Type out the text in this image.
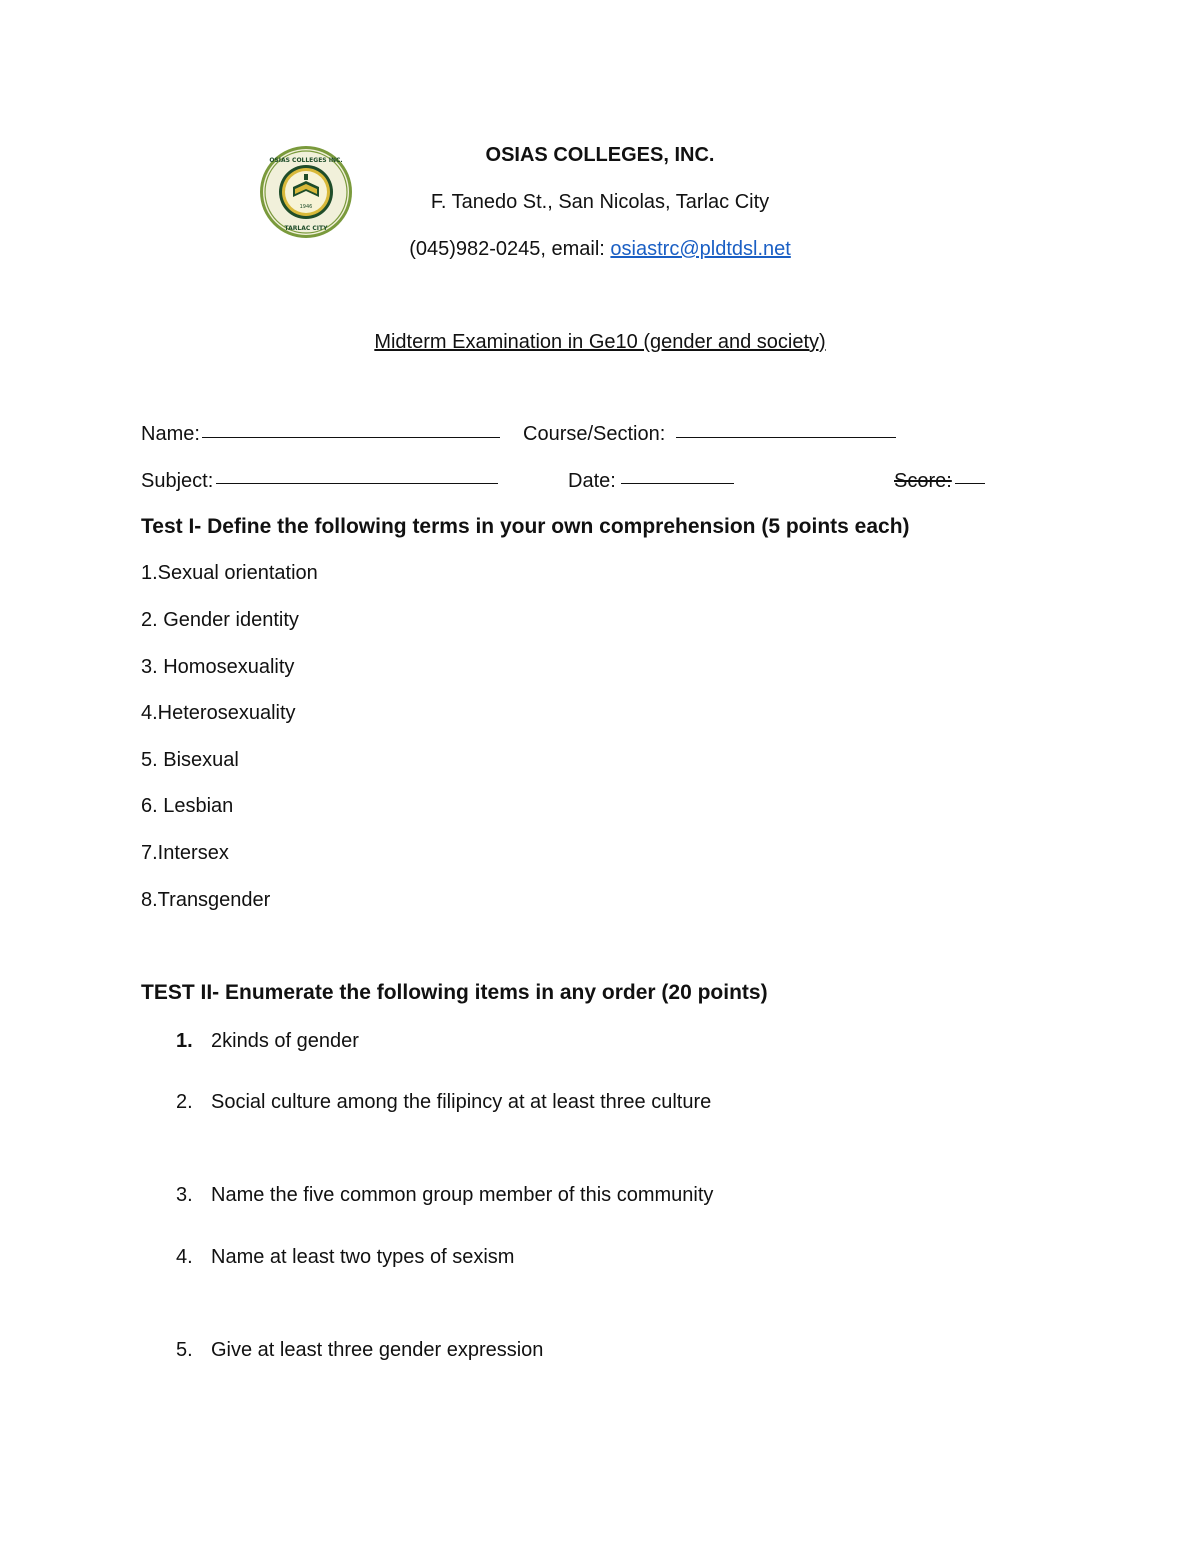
OSIAS COLLEGES INC.
TARLAC CITY
1946
OSIAS COLLEGES, INC.
F. Tanedo St., San Nicolas, Tarlac City
(045)982-0245, email: osiastrc@pldtdsl.net
Midterm Examination in Ge10 (gender and society)
Name:	Course/Section:
Subject:	Date:	Score:
Test I- Define the following terms in your own comprehension (5 points each)
1.Sexual orientation
2. Gender identity
3. Homosexuality
4.Heterosexuality
5. Bisexual
6. Lesbian
7.Intersex
8.Transgender
TEST II- Enumerate the following items in any order (20 points)
1. 2kinds of gender
2. Social culture among the filipincy at at least three culture
3. Name the five common group member of this community
4. Name at least two types of sexism
5. Give at least three gender expression
